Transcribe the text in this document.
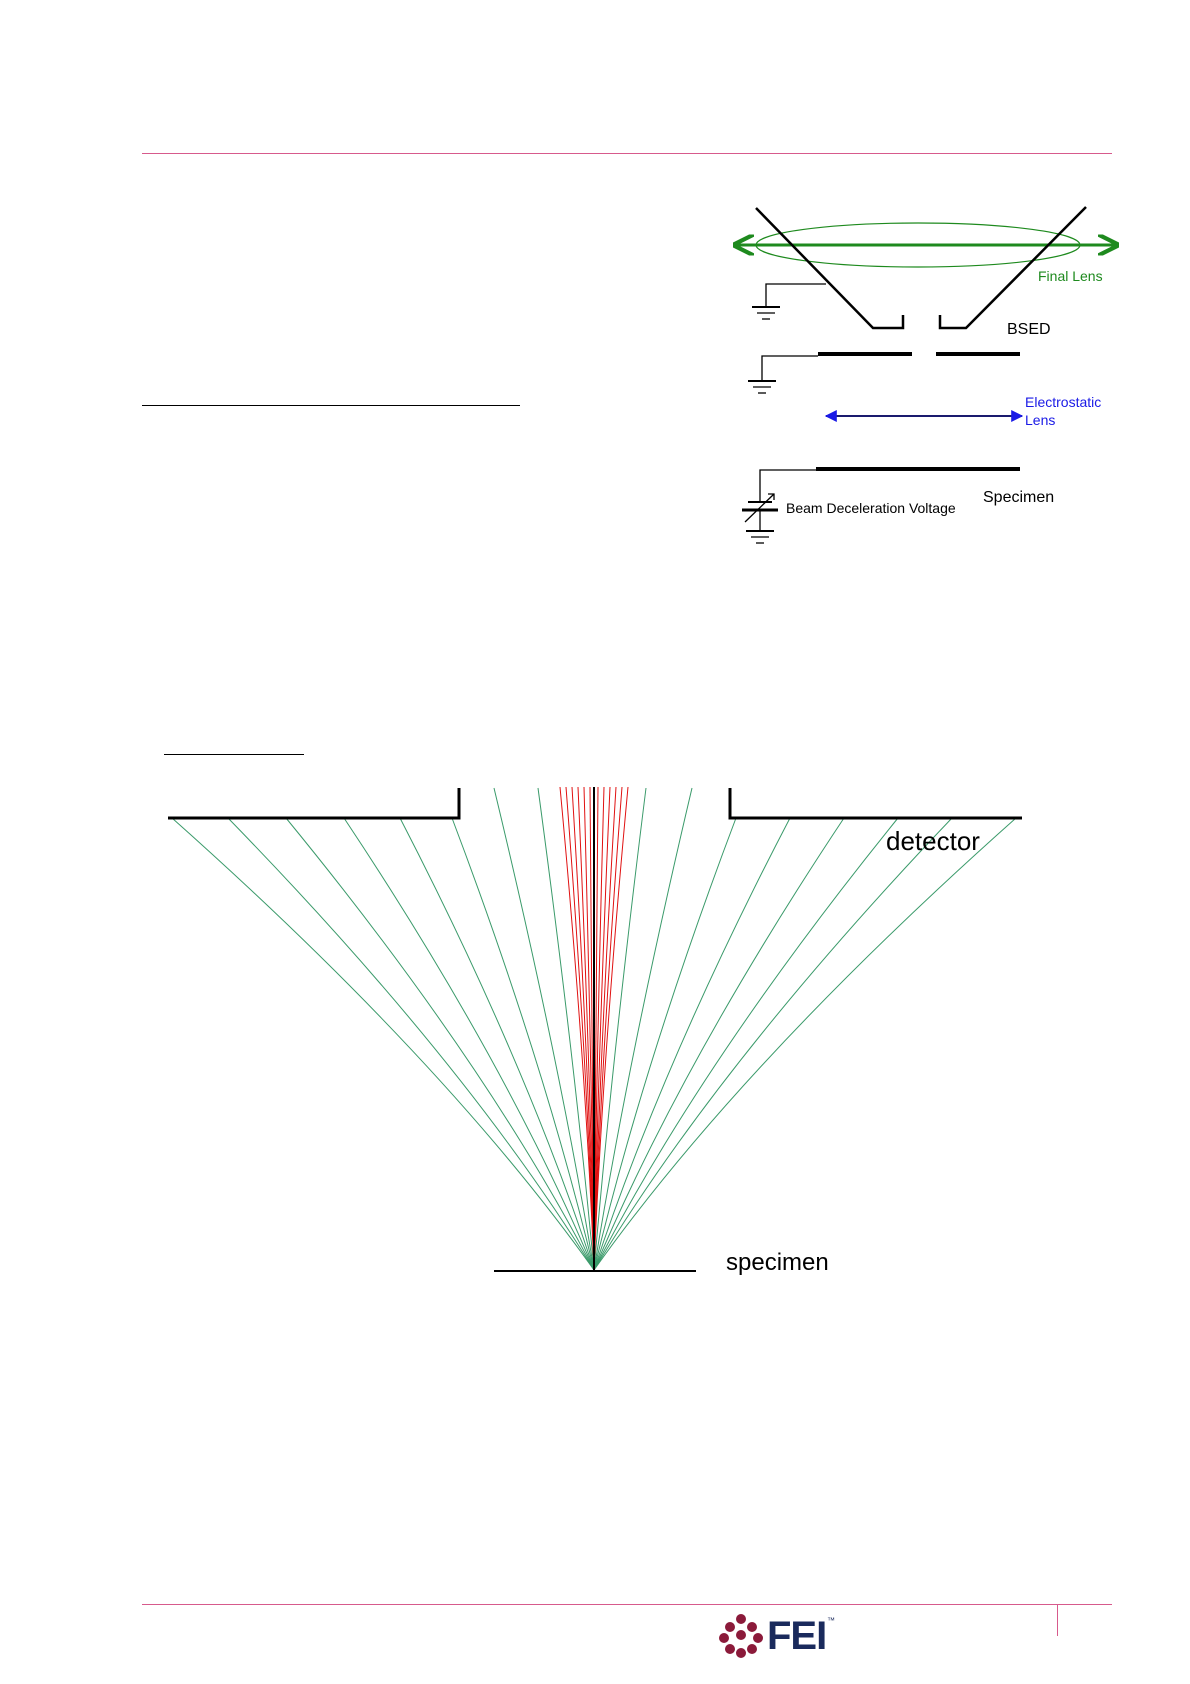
Final Lens
BSED
Electrostatic
Lens
Specimen
Beam Deceleration Voltage
detector
specimen
FEI ™
